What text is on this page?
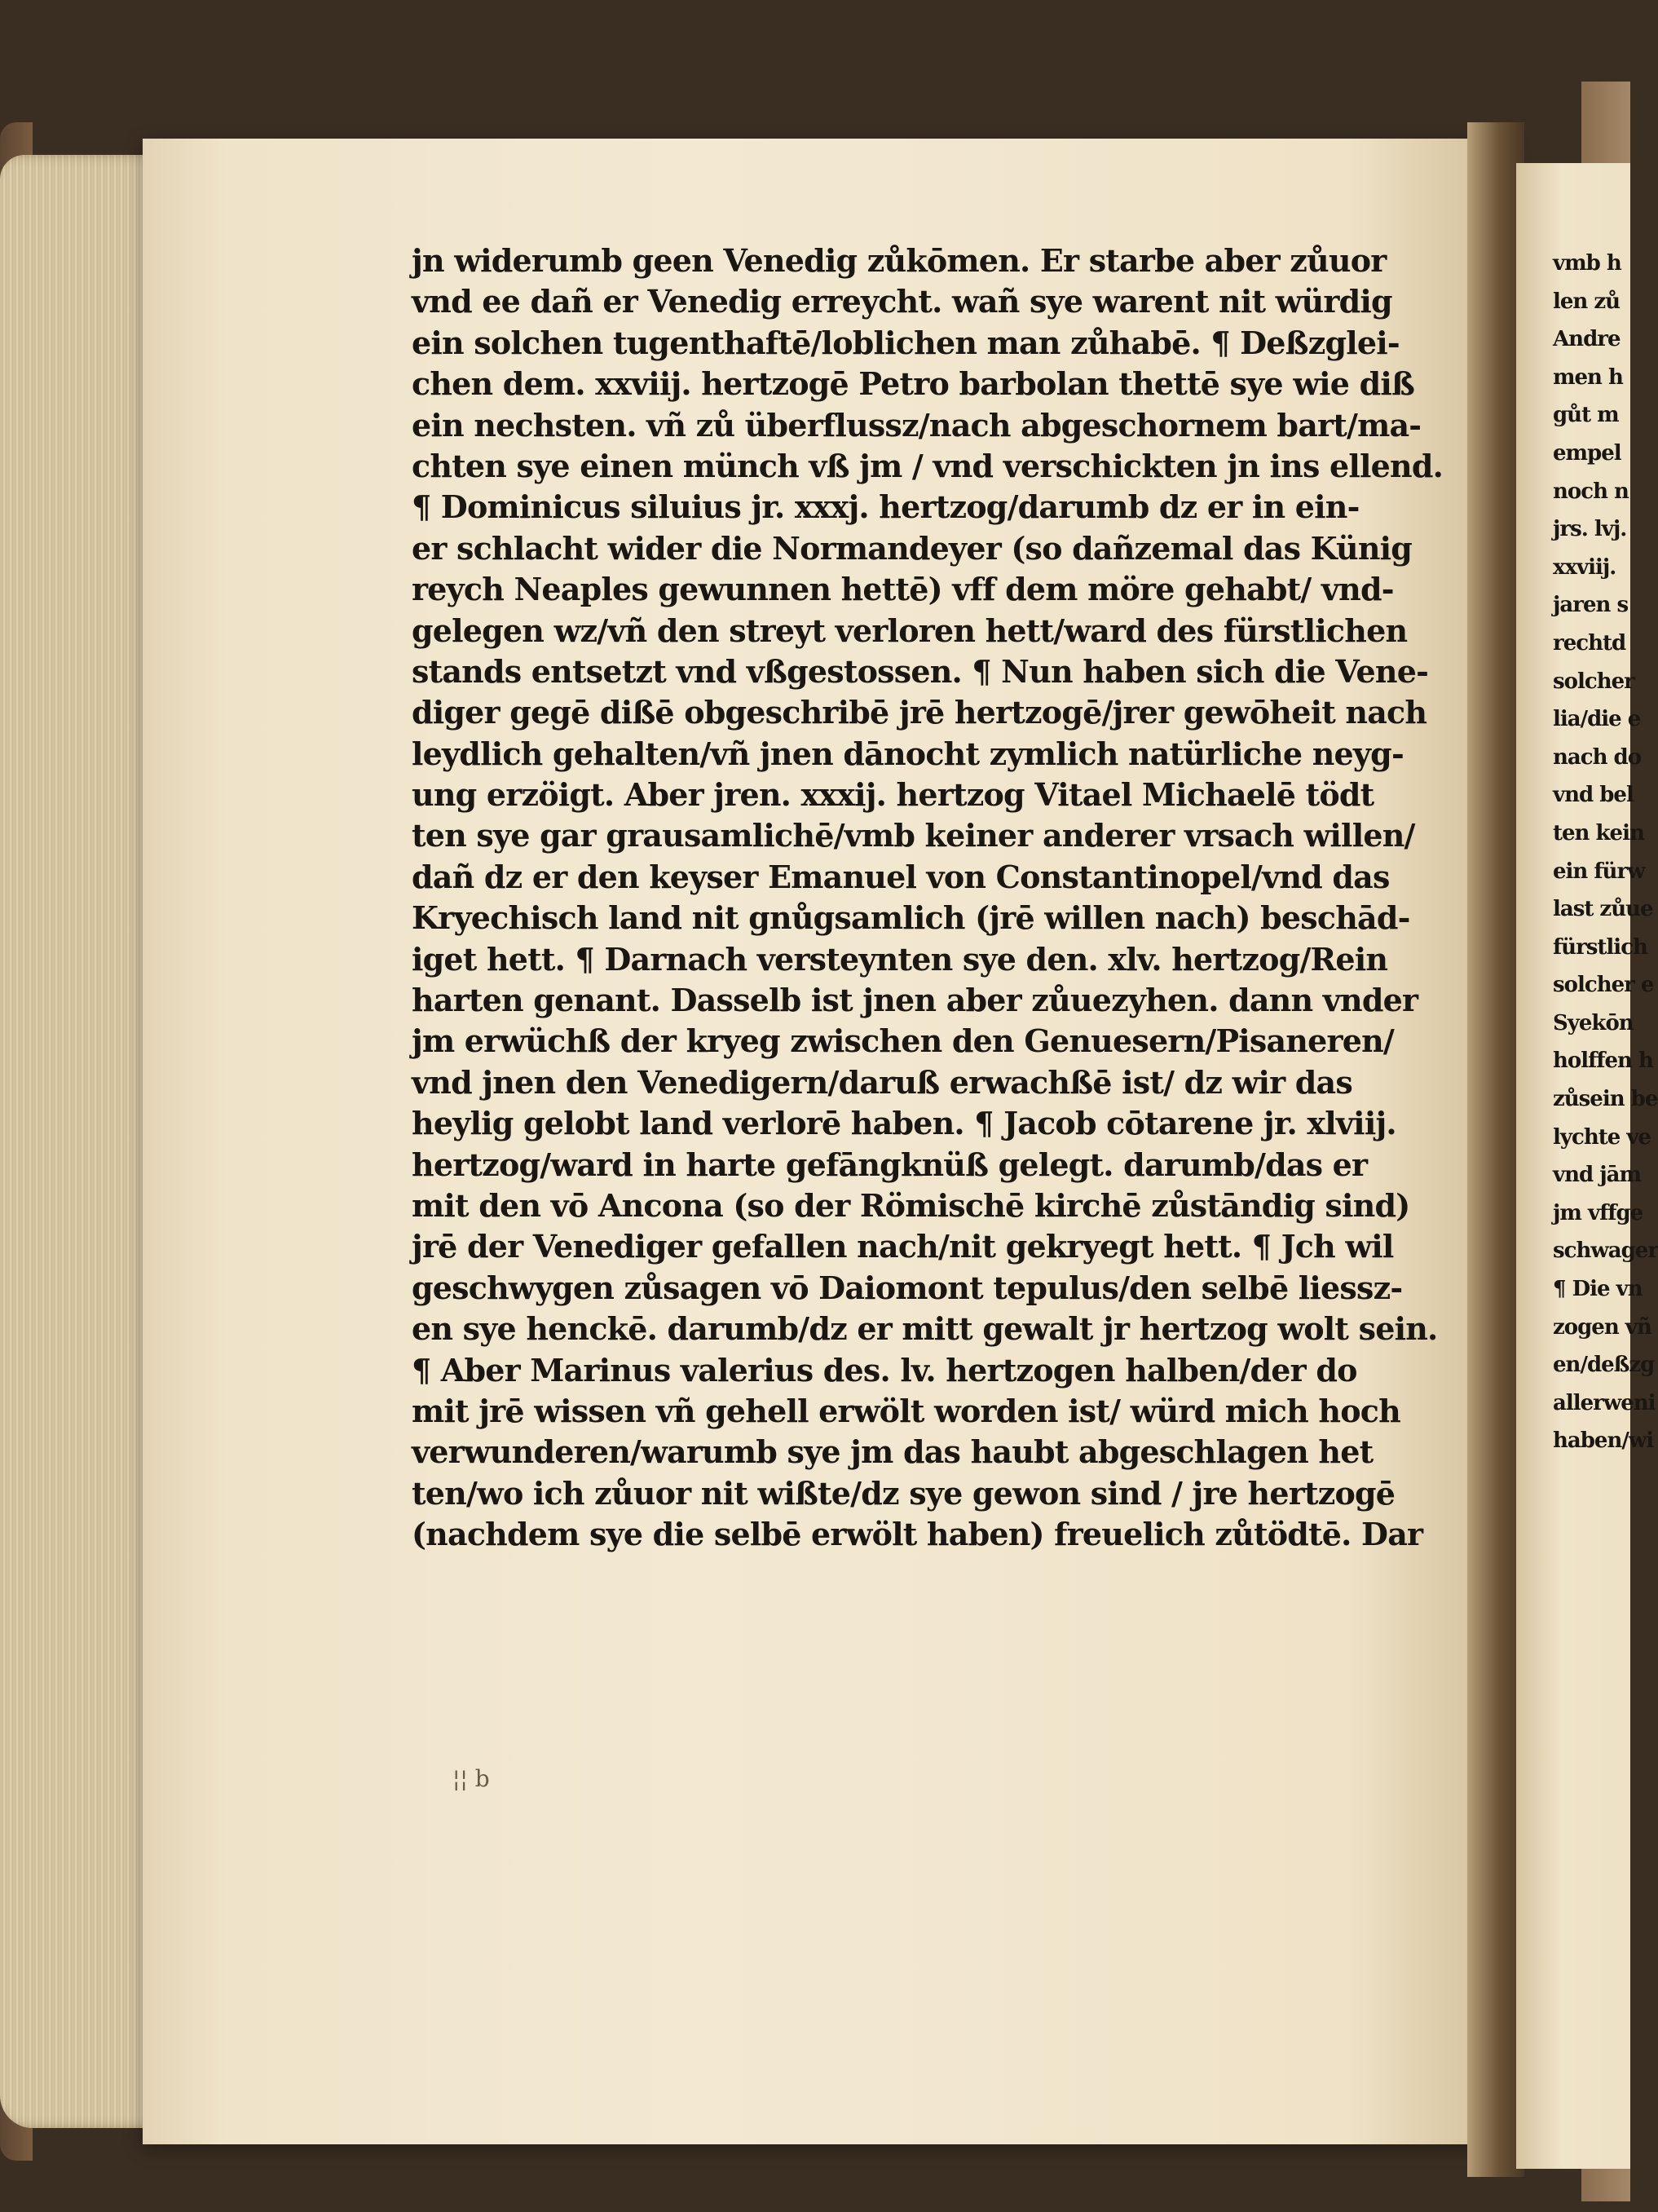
jn widerumb geen Venedig zůkōmen. Er starbe aber zůuor
vnd ee dañ er Venedig erreycht. wañ sye warent nit würdig
ein solchen tugenthaftē/loblichen man zůhabē. ¶ Deßzglei-
chen dem. xxviij. hertzogē Petro barbolan thettē sye wie diß
ein nechsten. vñ zů überflussz/nach abgeschornem bart/ma-
chten sye einen münch vß jm / vnd verschickten jn ins ellend.
¶ Dominicus siluius jr. xxxj. hertzog/darumb dz er in ein-
er schlacht wider die Normandeyer (so dañzemal das Künig
reych Neaples gewunnen hettē) vff dem möre gehabt/ vnd-
gelegen wz/vñ den streyt verloren hett/ward des fürstlichen
stands entsetzt vnd vßgestossen. ¶ Nun haben sich die Vene-
diger gegē dißē obgeschribē jrē hertzogē/jrer gewōheit nach
leydlich gehalten/vñ jnen dānocht zymlich natürliche neyg-
ung erzöigt. Aber jren. xxxij. hertzog Vitael Michaelē tödt
ten sye gar grausamlichē/vmb keiner anderer vrsach willen/
dañ dz er den keyser Emanuel von Constantinopel/vnd das
Kryechisch land nit gnůgsamlich (jrē willen nach) beschād-
iget hett. ¶ Darnach versteynten sye den. xlv. hertzog/Rein
harten genant. Dasselb ist jnen aber zůuezyhen. dann vnder
jm erwüchß der kryeg zwischen den Genuesern/Pisaneren/
vnd jnen den Venedigern/daruß erwachßē ist/ dz wir das
heylig gelobt land verlorē haben. ¶ Jacob cōtarene jr. xlviij.
hertzog/ward in harte gefāngknüß gelegt. darumb/das er
mit den vō Ancona (so der Römischē kirchē zůstāndig sind)
jrē der Venediger gefallen nach/nit gekryegt hett. ¶ Jch wil
geschwygen zůsagen vō Daiomont tepulus/den selbē liessz-
en sye henckē. darumb/dz er mitt gewalt jr hertzog wolt sein.
¶ Aber Marinus valerius des. lv. hertzogen halben/der do
mit jrē wissen vñ gehell erwölt worden ist/ würd mich hoch
verwunderen/warumb sye jm das haubt abgeschlagen het
ten/wo ich zůuor nit wißte/dz sye gewon sind / jre hertzogē
(nachdem sye die selbē erwölt haben) freuelich zůtödtē. Dar
¦¦ b
vmb h
len zů
Andre
men h
gůt m
empel
noch n
jrs. lvj.
xxviij.
jaren s
rechtd
solcher
lia/die e
nach do
vnd bel
ten kein
ein fürw
last zůue
fürstlich
solcher e
Syekōn
holffen h
zůsein be
lychte ve
vnd jām
jm vffge
schwager
¶ Die vn
zogen vñ
en/deßzg
allerweni
haben/wi
